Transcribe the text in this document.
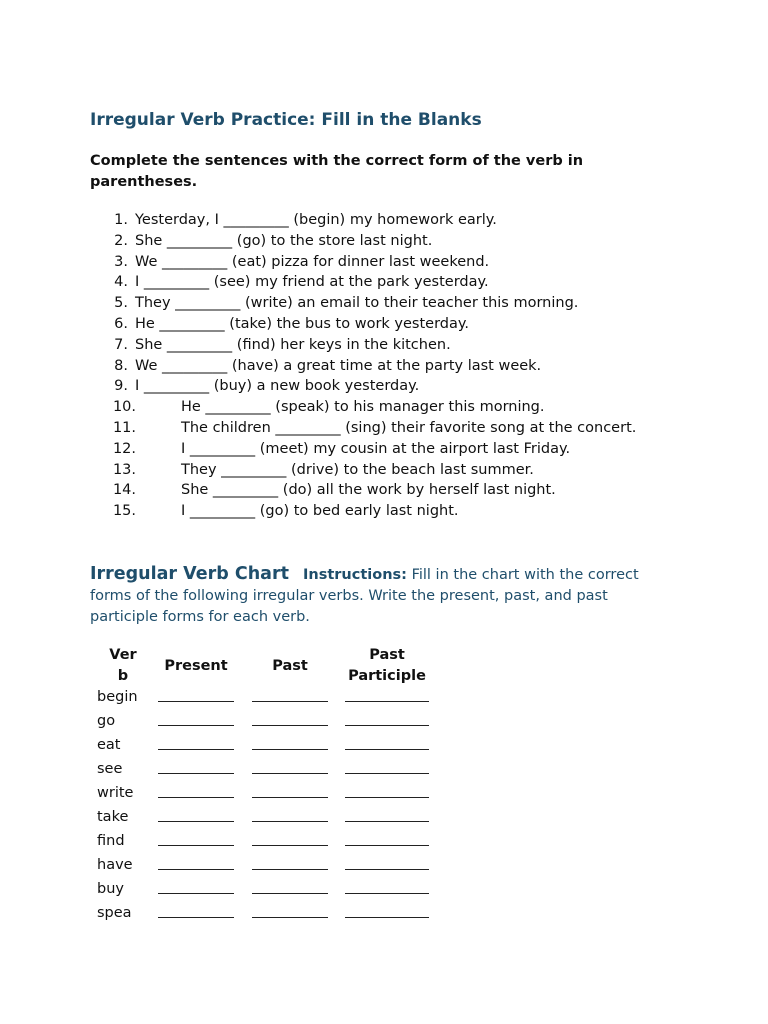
Irregular Verb Practice: Fill in the Blanks

Complete the sentences with the correct form of the verb in parentheses.

1. Yesterday, I _________ (begin) my homework early.
2. She _________ (go) to the store last night.
3. We _________ (eat) pizza for dinner last weekend.
4. I _________ (see) my friend at the park yesterday.
5. They _________ (write) an email to their teacher this morning.
6. He _________ (take) the bus to work yesterday.
7. She _________ (find) her keys in the kitchen.
8. We _________ (have) a great time at the party last week.
9. I _________ (buy) a new book yesterday.
10.	He _________ (speak) to his manager this morning.
11.	The children _________ (sing) their favorite song at the concert.
12.	I _________ (meet) my cousin at the airport last Friday.
13.	They _________ (drive) to the beach last summer.
14.	She _________ (do) all the work by herself last night.
15.	I _________ (go) to bed early last night.
Irregular Verb Chart Instructions: Fill in the chart with the correct forms of the following irregular verbs. Write the present, past, and past participle forms for each verb.

Verb	Present	Past	Past Participle

begin			

go			

eat			

see			

write			

take			

find			

have			

buy			

spea			
